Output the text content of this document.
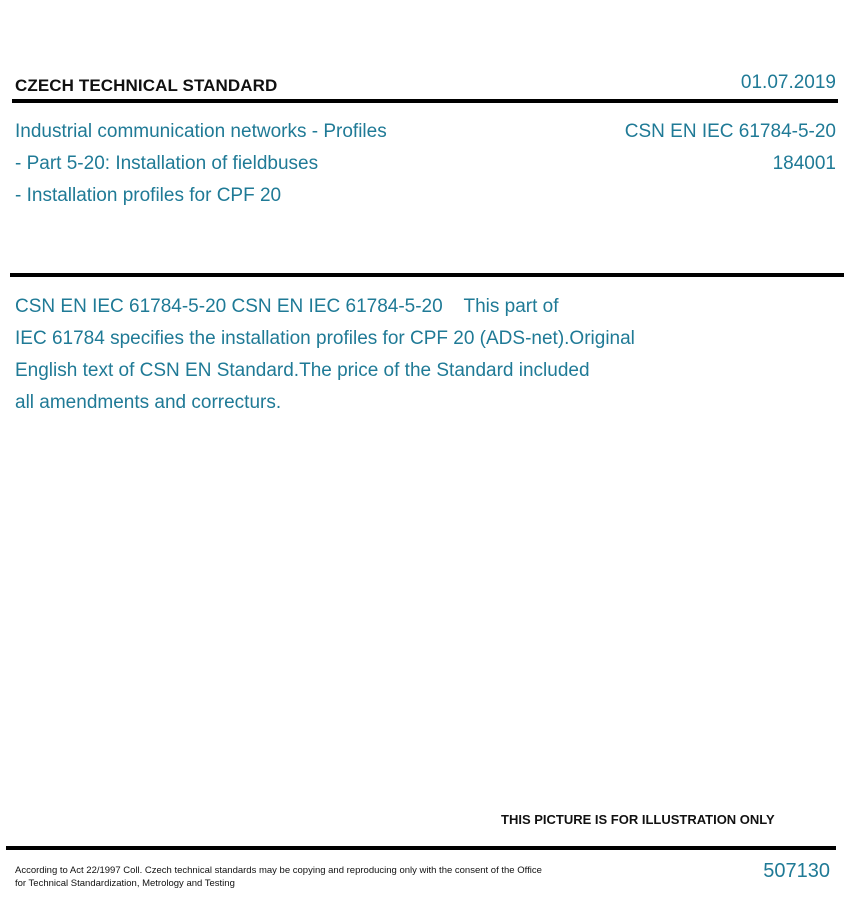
CZECH TECHNICAL STANDARD	01.07.2019
Industrial communication networks - Profiles
- Part 5-20: Installation of fieldbuses
- Installation profiles for CPF 20
CSN EN IEC 61784-5-20
184001
CSN EN IEC 61784-5-20 CSN EN IEC 61784-5-20    This part of
IEC 61784 specifies the installation profiles for CPF 20 (ADS-net).Original
English text of CSN EN Standard.The price of the Standard included
all amendments and correcturs.
THIS PICTURE IS FOR ILLUSTRATION ONLY
According to Act 22/1997 Coll. Czech technical standards may be copying and reproducing only with the consent of the Office
for Technical Standardization, Metrology and Testing
507130
